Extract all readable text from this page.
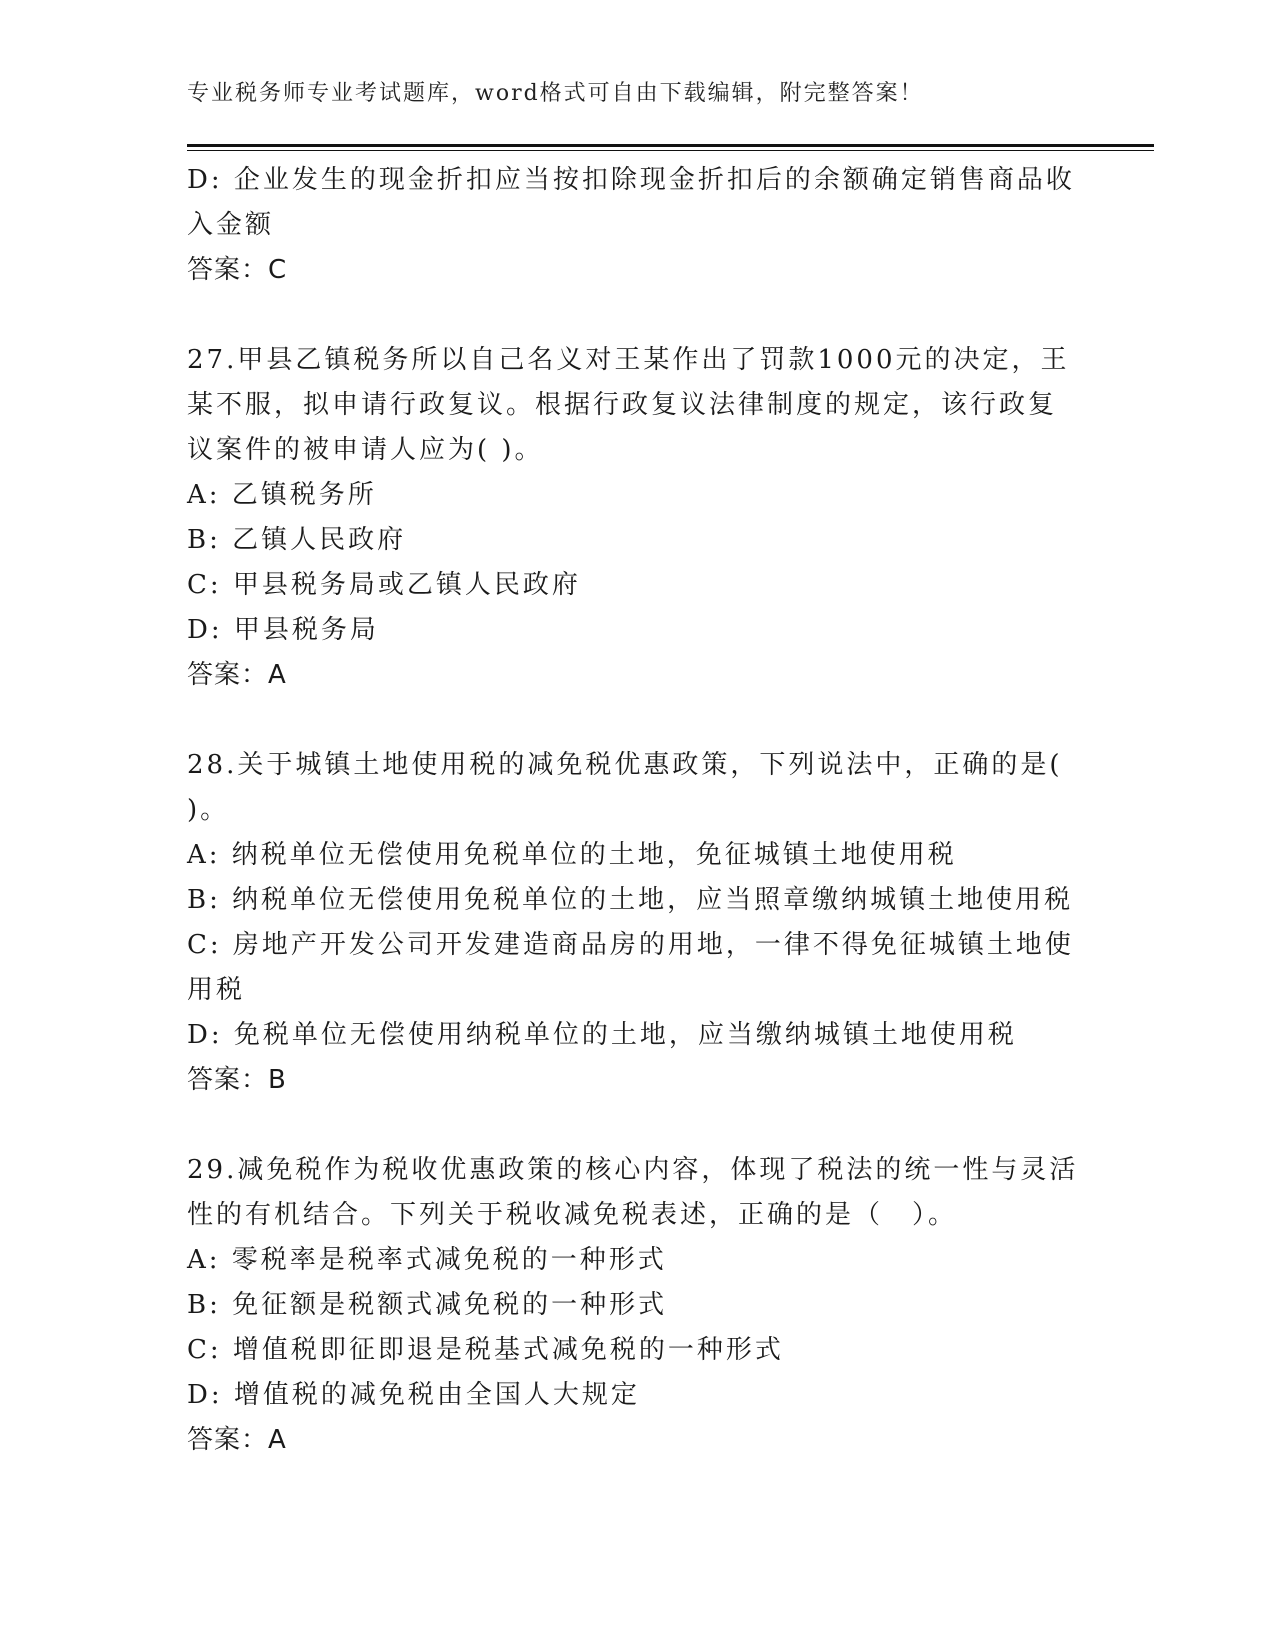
专业税务师专业考试题库，word格式可自由下载编辑，附完整答案！
D: 企业发生的现金折扣应当按扣除现金折扣后的余额确定销售商品收
入金额
答案：C
27.甲县乙镇税务所以自己名义对王某作出了罚款1000元的决定，王
某不服，拟申请行政复议。根据行政复议法律制度的规定，该行政复
议案件的被申请人应为( )。
A: 乙镇税务所
B: 乙镇人民政府
C: 甲县税务局或乙镇人民政府
D: 甲县税务局
答案：A
28.关于城镇土地使用税的减免税优惠政策，下列说法中，正确的是(
)。
A: 纳税单位无偿使用免税单位的土地，免征城镇土地使用税
B: 纳税单位无偿使用免税单位的土地，应当照章缴纳城镇土地使用税
C: 房地产开发公司开发建造商品房的用地，一律不得免征城镇土地使
用税
D: 免税单位无偿使用纳税单位的土地，应当缴纳城镇土地使用税
答案：B
29.减免税作为税收优惠政策的核心内容，体现了税法的统一性与灵活
性的有机结合。下列关于税收减免税表述，正确的是（　）。
A: 零税率是税率式减免税的一种形式
B: 免征额是税额式减免税的一种形式
C: 增值税即征即退是税基式减免税的一种形式
D: 增值税的减免税由全国人大规定
答案：A
